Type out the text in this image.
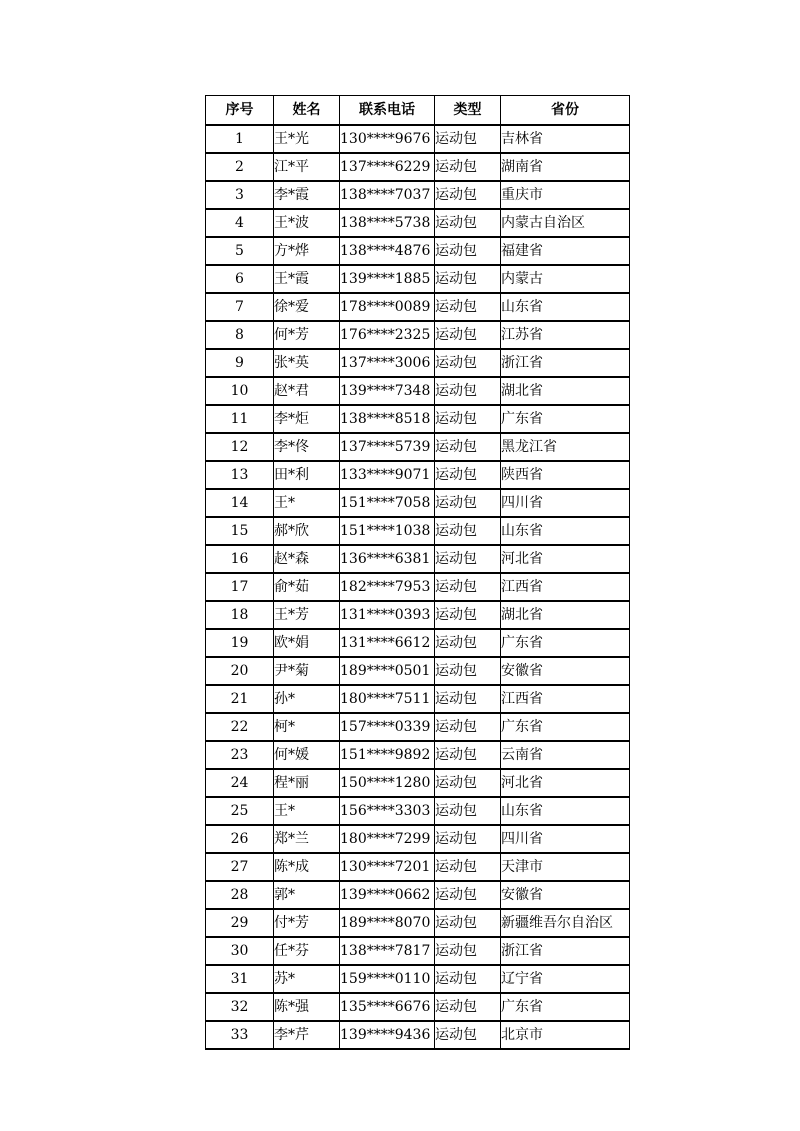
序号	姓名	联系电话	类型	省份
1	王*光	130****9676	运动包	吉林省
2	江*平	137****6229	运动包	湖南省
3	李*霞	138****7037	运动包	重庆市
4	王*波	138****5738	运动包	内蒙古自治区
5	方*烨	138****4876	运动包	福建省
6	王*霞	139****1885	运动包	内蒙古
7	徐*爱	178****0089	运动包	山东省
8	何*芳	176****2325	运动包	江苏省
9	张*英	137****3006	运动包	浙江省
10	赵*君	139****7348	运动包	湖北省
11	李*炬	138****8518	运动包	广东省
12	李*佟	137****5739	运动包	黑龙江省
13	田*利	133****9071	运动包	陕西省
14	王*	151****7058	运动包	四川省
15	郝*欣	151****1038	运动包	山东省
16	赵*森	136****6381	运动包	河北省
17	俞*茹	182****7953	运动包	江西省
18	王*芳	131****0393	运动包	湖北省
19	欧*娟	131****6612	运动包	广东省
20	尹*菊	189****0501	运动包	安徽省
21	孙*	180****7511	运动包	江西省
22	柯*	157****0339	运动包	广东省
23	何*媛	151****9892	运动包	云南省
24	程*丽	150****1280	运动包	河北省
25	王*	156****3303	运动包	山东省
26	郑*兰	180****7299	运动包	四川省
27	陈*成	130****7201	运动包	天津市
28	郭*	139****0662	运动包	安徽省
29	付*芳	189****8070	运动包	新疆维吾尔自治区
30	任*芬	138****7817	运动包	浙江省
31	苏*	159****0110	运动包	辽宁省
32	陈*强	135****6676	运动包	广东省
33	李*芹	139****9436	运动包	北京市
